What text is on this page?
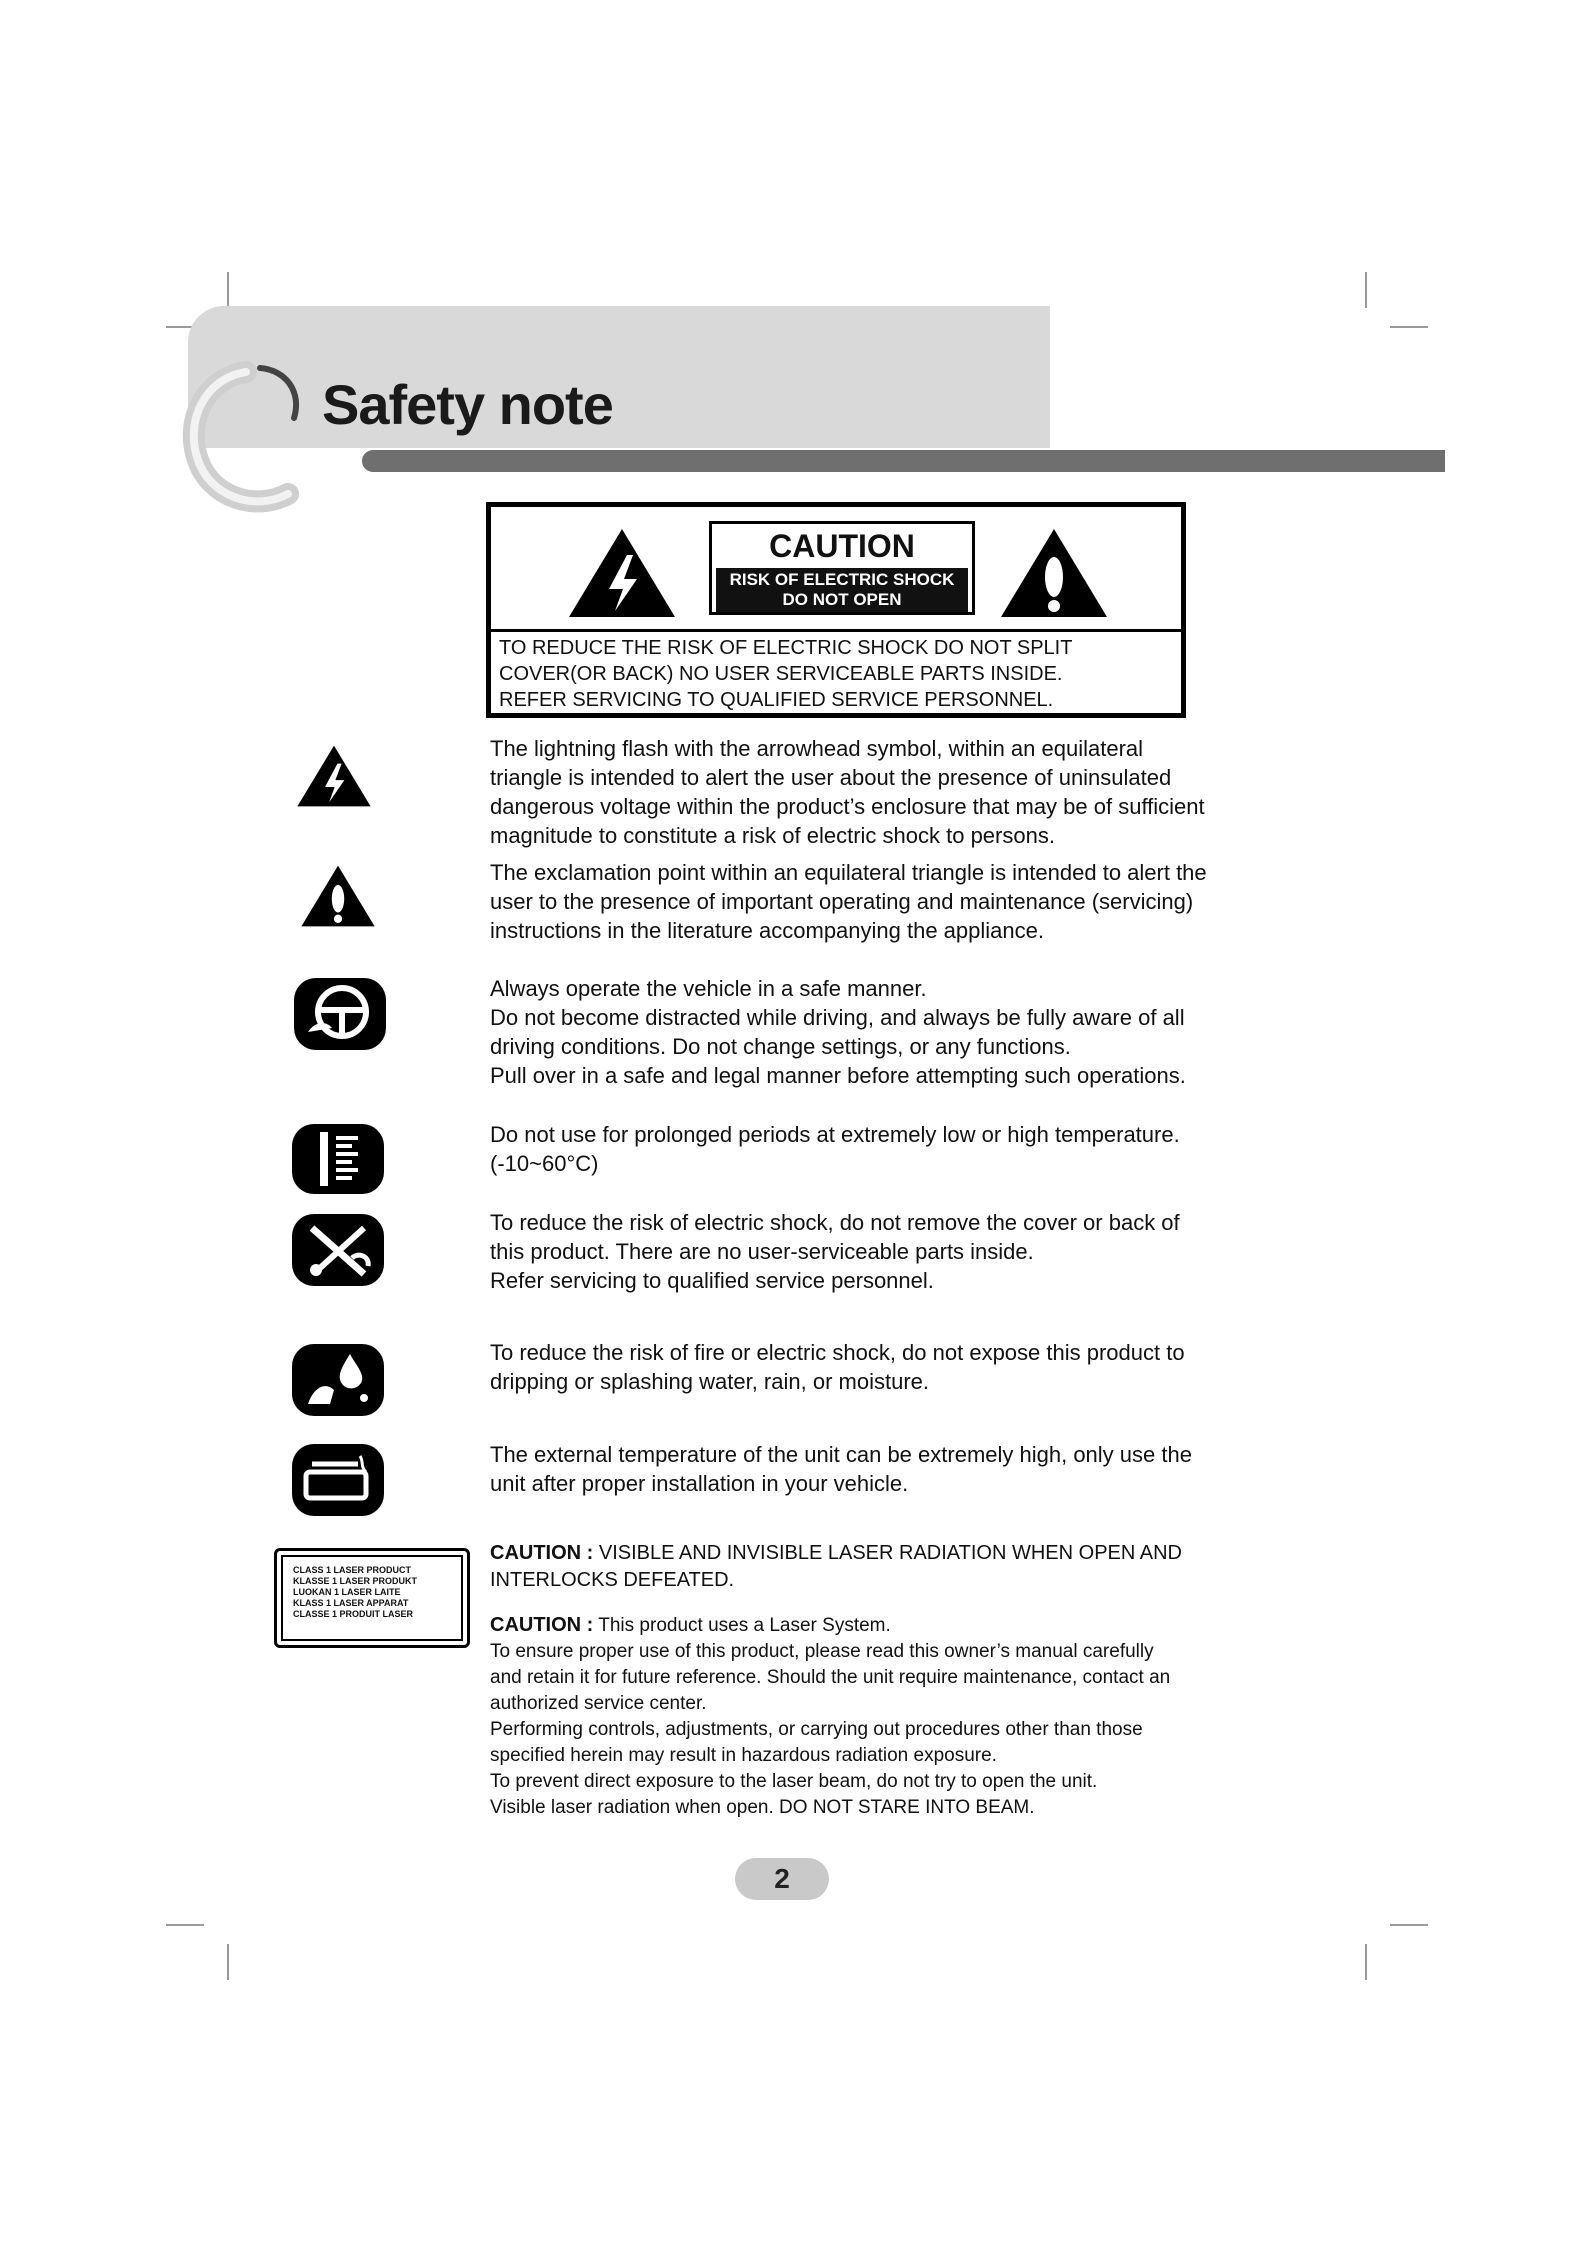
Safety note
CAUTION
RISK OF ELECTRIC SHOCK
DO NOT OPEN
TO REDUCE THE RISK OF ELECTRIC SHOCK DO NOT SPLIT
COVER(OR BACK) NO USER SERVICEABLE PARTS INSIDE.
REFER SERVICING TO QUALIFIED SERVICE PERSONNEL.
CLASS 1 LASER PRODUCT
KLASSE 1 LASER PRODUKT
LUOKAN 1 LASER LAITE
KLASS 1 LASER APPARAT
CLASSE 1 PRODUIT LASER
The lightning flash with the arrowhead symbol, within an equilateral
triangle is intended to alert the user about the presence of uninsulated
dangerous voltage within the product’s enclosure that may be of sufficient
magnitude to constitute a risk of electric shock to persons.
The exclamation point within an equilateral triangle is intended to alert the
user to the presence of important operating and maintenance (servicing)
instructions in the literature accompanying the appliance.
Always operate the vehicle in a safe manner.
Do not become distracted while driving, and always be fully aware of all
driving conditions. Do not change settings, or any functions.
Pull over in a safe and legal manner before attempting such operations.
Do not use for prolonged periods at extremely low or high temperature.
(-10~60°C)
To reduce the risk of electric shock, do not remove the cover or back of
this product. There are no user-serviceable parts inside.
Refer servicing to qualified service personnel.
To reduce the risk of fire or electric shock, do not expose this product to
dripping or splashing water, rain, or moisture.
The external temperature of the unit can be extremely high, only use the
unit after proper installation in your vehicle.
CAUTION : VISIBLE AND INVISIBLE LASER RADIATION WHEN OPEN AND
INTERLOCKS DEFEATED.
CAUTION : This product uses a Laser System.
To ensure proper use of this product, please read this owner’s manual carefully
and retain it for future reference. Should the unit require maintenance, contact an
authorized service center.
Performing controls, adjustments, or carrying out procedures other than those
specified herein may result in hazardous radiation exposure.
To prevent direct exposure to the laser beam, do not try to open the unit.
Visible laser radiation when open. DO NOT STARE INTO BEAM.
2
